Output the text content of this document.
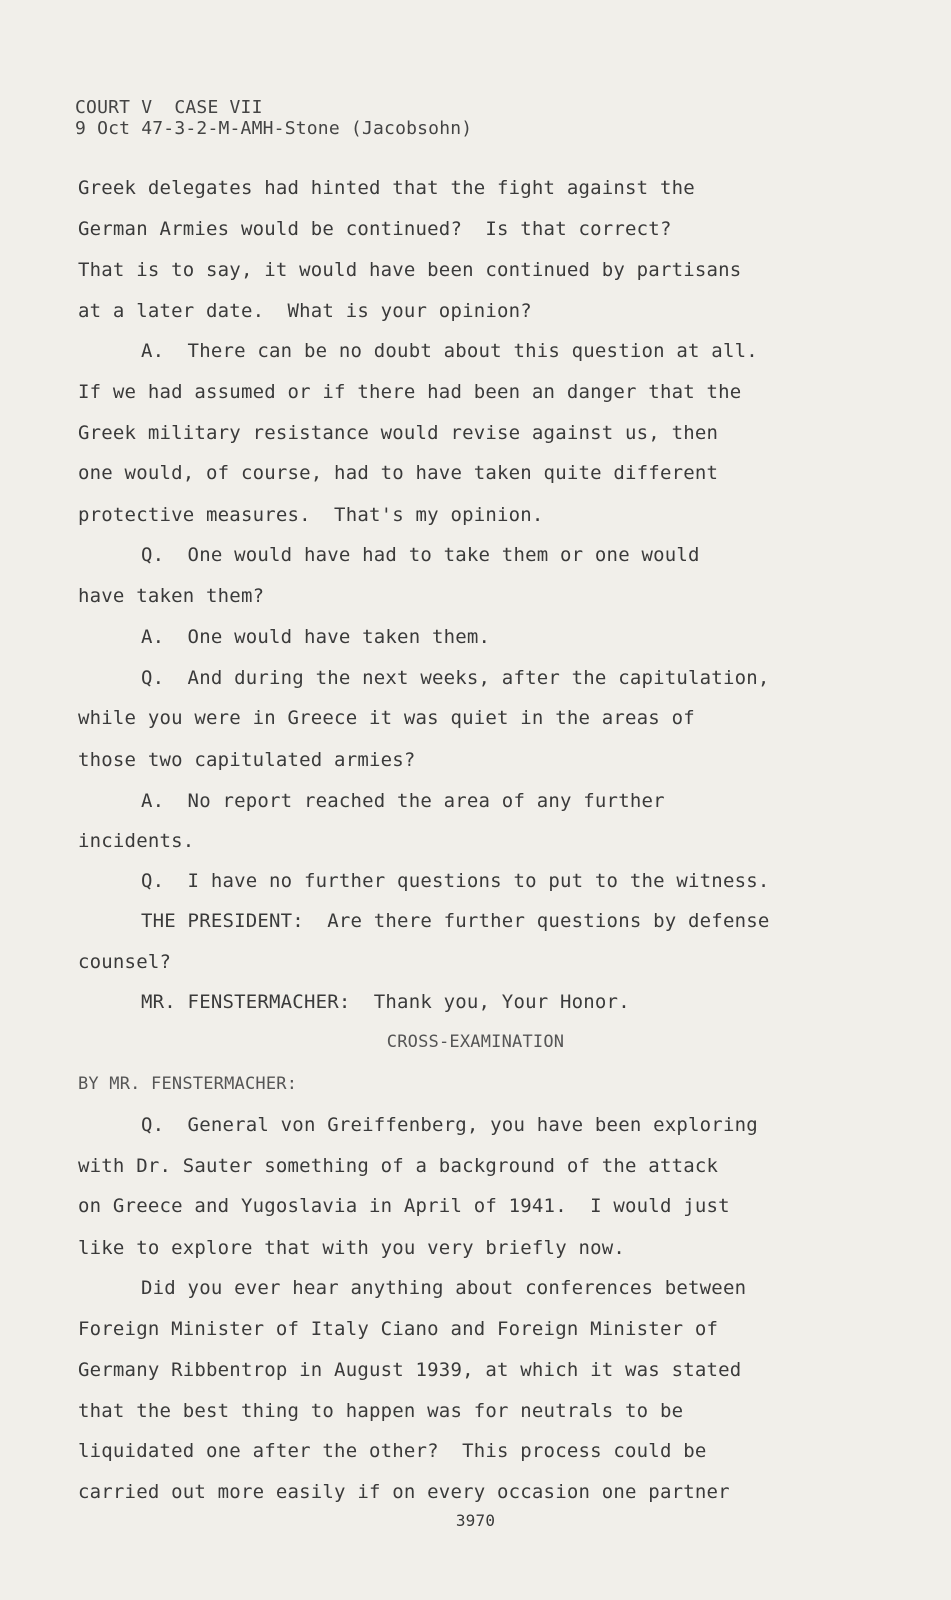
COURT V  CASE VII
9 Oct 47-3-2-M-AMH-Stone (Jacobsohn)
Greek delegates had hinted that the fight against the
German Armies would be continued?  Is that correct?
That is to say, it would have been continued by partisans
at a later date.  What is your opinion?
A.  There can be no doubt about this question at all.
If we had assumed or if there had been an danger that the
Greek military resistance would revise against us, then
one would, of course, had to have taken quite different
protective measures.  That's my opinion.
Q.  One would have had to take them or one would
have taken them?
A.  One would have taken them.
Q.  And during the next weeks, after the capitulation,
while you were in Greece it was quiet in the areas of
those two capitulated armies?
A.  No report reached the area of any further
incidents.
Q.  I have no further questions to put to the witness.
THE PRESIDENT:  Are there further questions by defense
counsel?
MR. FENSTERMACHER:  Thank you, Your Honor.
CROSS-EXAMINATION
BY MR. FENSTERMACHER:
Q.  General von Greiffenberg, you have been exploring
with Dr. Sauter something of a background of the attack
on Greece and Yugoslavia in April of 1941.  I would just
like to explore that with you very briefly now.
Did you ever hear anything about conferences between
Foreign Minister of Italy Ciano and Foreign Minister of
Germany Ribbentrop in August 1939, at which it was stated
that the best thing to happen was for neutrals to be
liquidated one after the other?  This process could be
carried out more easily if on every occasion one partner
3970
